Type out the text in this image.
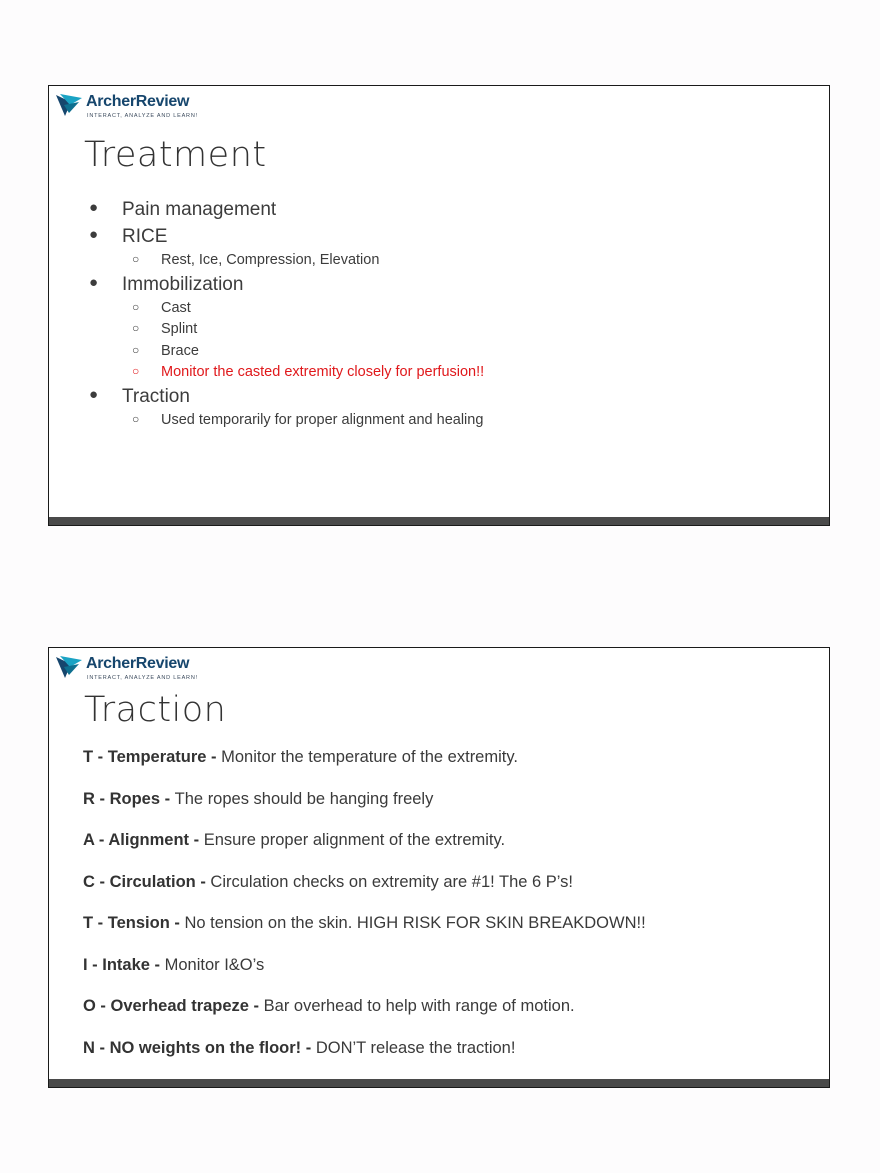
ArcherReview
INTERACT, ANALYZE AND LEARN!
Treatment
● Pain management
● RICE
○ Rest, Ice, Compression, Elevation
● Immobilization
○ Cast
○ Splint
○ Brace
○ Monitor the casted extremity closely for perfusion!!
● Traction
○ Used temporarily for proper alignment and healing
ArcherReview
INTERACT, ANALYZE AND LEARN!
Traction
T - Temperature - Monitor the temperature of the extremity.
R - Ropes - The ropes should be hanging freely
A - Alignment - Ensure proper alignment of the extremity.
C - Circulation - Circulation checks on extremity are #1! The 6 P’s!
T - Tension - No tension on the skin. HIGH RISK FOR SKIN BREAKDOWN!!
I - Intake - Monitor I&O’s
O - Overhead trapeze - Bar overhead to help with range of motion.
N - NO weights on the floor! - DON’T release the traction!
